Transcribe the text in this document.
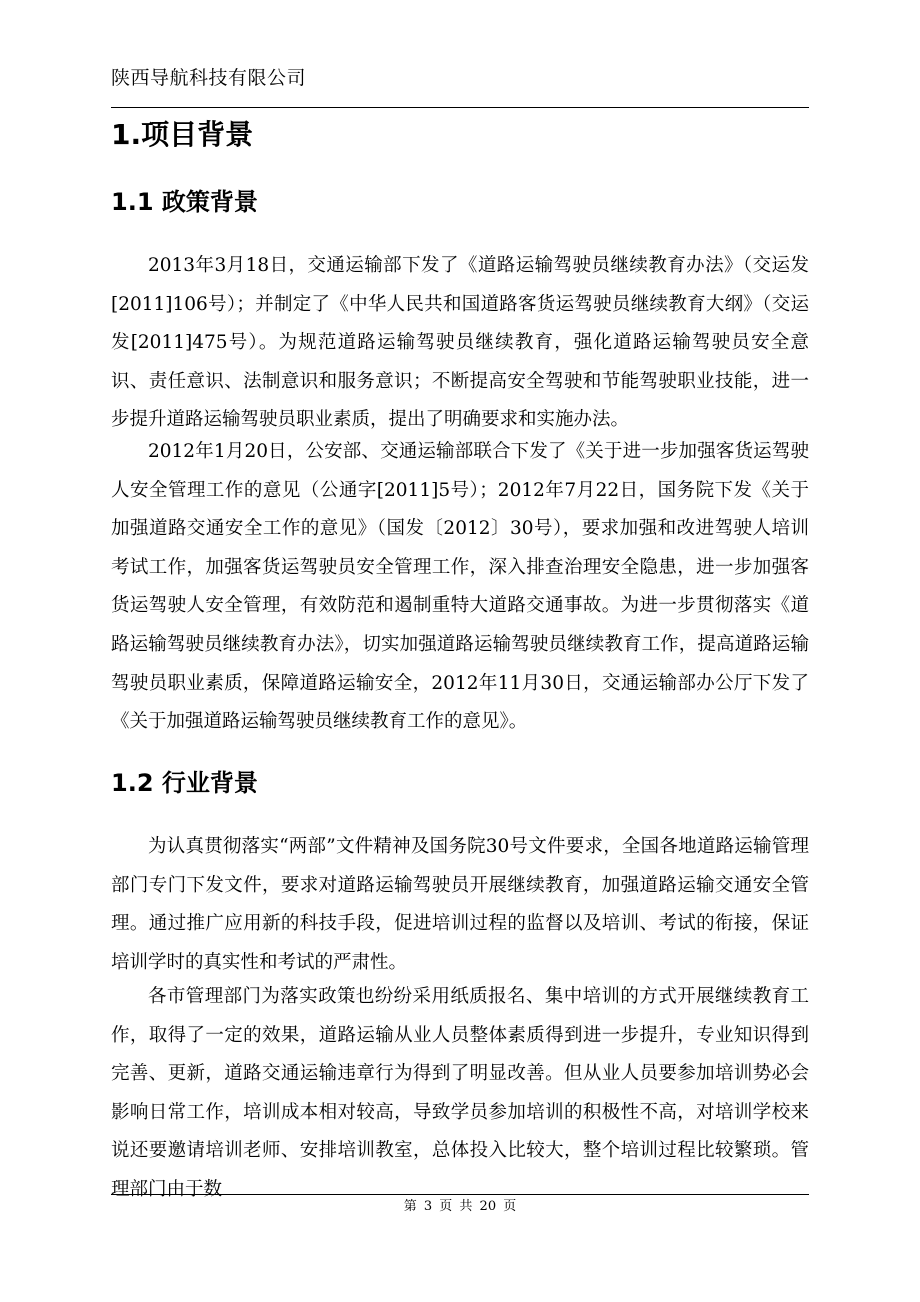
陕西导航科技有限公司
1.项目背景
1.1 政策背景

2013年3月18日，交通运输部下发了《道路运输驾驶员继续教育办法》（交运发[2011]106号）；并制定了《中华人民共和国道路客货运驾驶员继续教育大纲》（交运发[2011]475号）。为规范道路运输驾驶员继续教育，强化道路运输驾驶员安全意识、责任意识、法制意识和服务意识；不断提高安全驾驶和节能驾驶职业技能，进一步提升道路运输驾驶员职业素质，提出了明确要求和实施办法。

2012年1月20日，公安部、交通运输部联合下发了《关于进一步加强客货运驾驶人安全管理工作的意见（公通字[2011]5号）；2012年7月22日，国务院下发《关于加强道路交通安全工作的意见》（国发〔2012〕30号），要求加强和改进驾驶人培训考试工作，加强客货运驾驶员安全管理工作，深入排查治理安全隐患，进一步加强客货运驾驶人安全管理，有效防范和遏制重特大道路交通事故。为进一步贯彻落实《道路运输驾驶员继续教育办法》，切实加强道路运输驾驶员继续教育工作，提高道路运输驾驶员职业素质，保障道路运输安全，2012年11月30日，交通运输部办公厅下发了《关于加强道路运输驾驶员继续教育工作的意见》。

1.2 行业背景

为认真贯彻落实“两部”文件精神及国务院30号文件要求，全国各地道路运输管理部门专门下发文件，要求对道路运输驾驶员开展继续教育，加强道路运输交通安全管理。通过推广应用新的科技手段，促进培训过程的监督以及培训、考试的衔接，保证培训学时的真实性和考试的严肃性。

各市管理部门为落实政策也纷纷采用纸质报名、集中培训的方式开展继续教育工作，取得了一定的效果，道路运输从业人员整体素质得到进一步提升，专业知识得到完善、更新，道路交通运输违章行为得到了明显改善。但从业人员要参加培训势必会影响日常工作，培训成本相对较高，导致学员参加培训的积极性不高，对培训学校来说还要邀请培训老师、安排培训教室，总体投入比较大，整个培训过程比较繁琐。管理部门由于数

第 3 页 共 20 页
